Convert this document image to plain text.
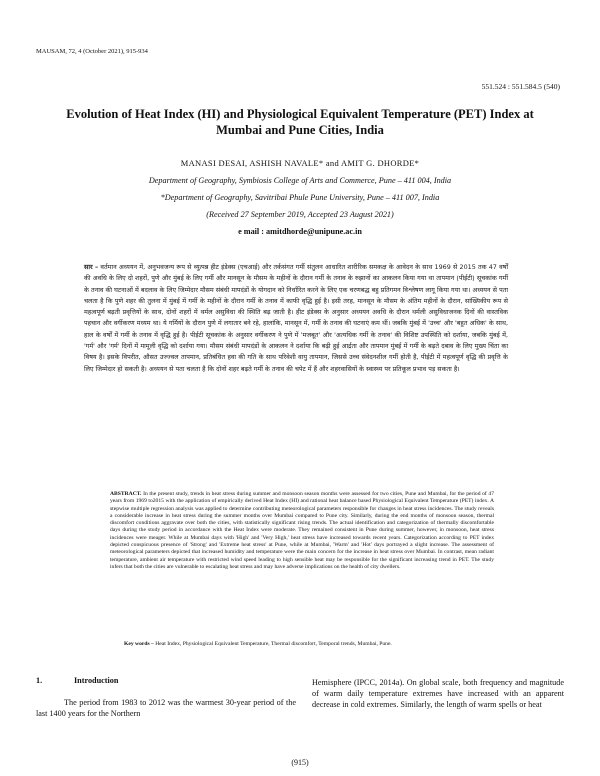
MAUSAM, 72, 4 (October 2021), 915-934
551.524 : 551.584.5 (540)
Evolution of Heat Index (HI) and Physiological Equivalent Temperature (PET) Index at Mumbai and Pune Cities, India
MANASI DESAI, ASHISH NAVALE* and AMIT G. DHORDE*
Department of Geography, Symbiosis College of Arts and Commerce, Pune – 411 004, India
*Department of Geography, Savitribai Phule Pune University, Pune – 411 007, India
(Received 27 September 2019, Accepted 23 August 2021)
e mail : amitdhorde@unipune.ac.in
सार – वर्तमान अध्ययन में, अनुभवजन्य रूप से व्युत्पन्न हीट इंडेक्स (एचआई) और तर्कसंगत गर्मी संतुलन आधारित शारीरिक समकक्ष के आवेदन के साथ 1969 से 2015 तक 47 वर्षों की अवधि के लिए दो शहरों, पुणे और मुंबई के लिए गर्मी और मानसून के मौसम के महीनों के दौरान गर्मी के तनाव के रुझानों का आकलन किया गया था तापमान (पीईटी) सूचकांक गर्मी के तनाव की घटनाओं में बदलाव के लिए जिम्मेदार मौसम संबंधी मापदंडों के योगदान को निर्धारित करने के लिए एक चरणबद्ध बहु प्रतिगमन विश्लेषण लागू किया गया था। अध्ययन से पता चलता है कि पुणे शहर की तुलना में मुंबई में गर्मी के महीनों के दौरान गर्मी के तनाव में काफी वृद्धि हुई है। इसी तरह, मानसून के मौसम के अंतिम महीनों के दौरान, सांख्यिकीय रूप से महत्वपूर्ण बढ़ती प्रवृत्तियों के साथ, दोनों शहरों में थर्मल असुविधा की स्थिति बढ़ जाती है। हीट इंडेक्स के अनुसार अध्ययन अवधि के दौरान थर्मली असुविधाजनक दिनों की वास्तविक पहचान और वर्गीकरण मध्यम था। ये गर्मियों के दौरान पुणे में लगातार बने रहे, हालांकि, मानसून में, गर्मी के तनाव की घटनाएं कम थीं। जबकि मुंबई में 'उच्च' और 'बहुत अधिक' के साथ, हाल के वर्षों में गर्मी के तनाव में वृद्धि हुई है। पीईटी सूचकांक के अनुसार वर्गीकरण ने पुणे में 'मजबूत' और 'अत्यधिक गर्मी के तनाव' की विशिष्ट उपस्थिति को दर्शाया, जबकि मुंबई में, 'गर्म' और 'गर्म' दिनों में मामूली वृद्धि को दर्शाया गया। मौसम संबंधी मापदंडों के आकलन ने दर्शाया कि बढ़ी हुई आर्द्रता और तापमान मुंबई में गर्मी के बढ़ते दबाव के लिए मुख्य चिंता का विषय है। इसके विपरीत, औसत उज्ज्वल तापमान, प्रतिबंधित हवा की गति के साथ परिवेशी वायु तापमान, जिससे उच्च संवेदनशील गर्मी होती है, पीईटी में महत्वपूर्ण वृद्धि की प्रवृत्ति के लिए जिम्मेदार हो सकती है। अध्ययन से पता चलता है कि दोनों शहर बढ़ते गर्मी के तनाव की चपेट में हैं और शहरवासियों के स्वास्थ्य पर प्रतिकूल प्रभाव पड़ सकता है।
ABSTRACT. In the present study, trends in heat stress during summer and monsoon season months were assessed for two cities, Pune and Mumbai, for the period of 47 years from 1969 to2015 with the application of empirically derived Heat Index (HI) and rational heat balance based Physiological Equivalent Temperature (PET) index. A stepwise multiple regression analysis was applied to determine contributing meteorological parameters responsible for changes in heat stress incidences. The study reveals a considerable increase in heat stress during the summer months over Mumbai compared to Pune city. Similarly, during the end months of monsoon season, thermal discomfort conditions aggravate over both the cities, with statistically significant rising trends. The actual identification and categorization of thermally discomfortable days during the study period in accordance with the Heat Index were moderate. They remained consistent in Pune during summer, however, in monsoon, heat stress incidences were meager. While at Mumbai days with 'High' and 'Very High,' heat stress have increased towards recent years. Categorization according to PET index depicted conspicuous presence of 'Strong' and 'Extreme heat stress' at Pune, while at Mumbai, 'Warm' and 'Hot' days portrayed a slight increase. The assessment of meteorological parameters depicted that increased humidity and temperature were the main concern for the increase in heat stress over Mumbai. In contrast, mean radiant temperature, ambient air temperature with restricted wind speed leading to high sensible heat may be responsible for the significant increasing trend in PET. The study infers that both the cities are vulnerable to escalating heat stress and may have adverse implications on the health of city dwellers.
Key words – Heat Index, Physiological Equivalent Temperature, Thermal discomfort, Temporal trends, Mumbai, Pune.
1.	Introduction
The period from 1983 to 2012 was the warmest 30-year period of the last 1400 years for the Northern
Hemisphere (IPCC, 2014a). On global scale, both frequency and magnitude of warm daily temperature extremes have increased with an apparent decrease in cold extremes. Similarly, the length of warm spells or heat
(915)
